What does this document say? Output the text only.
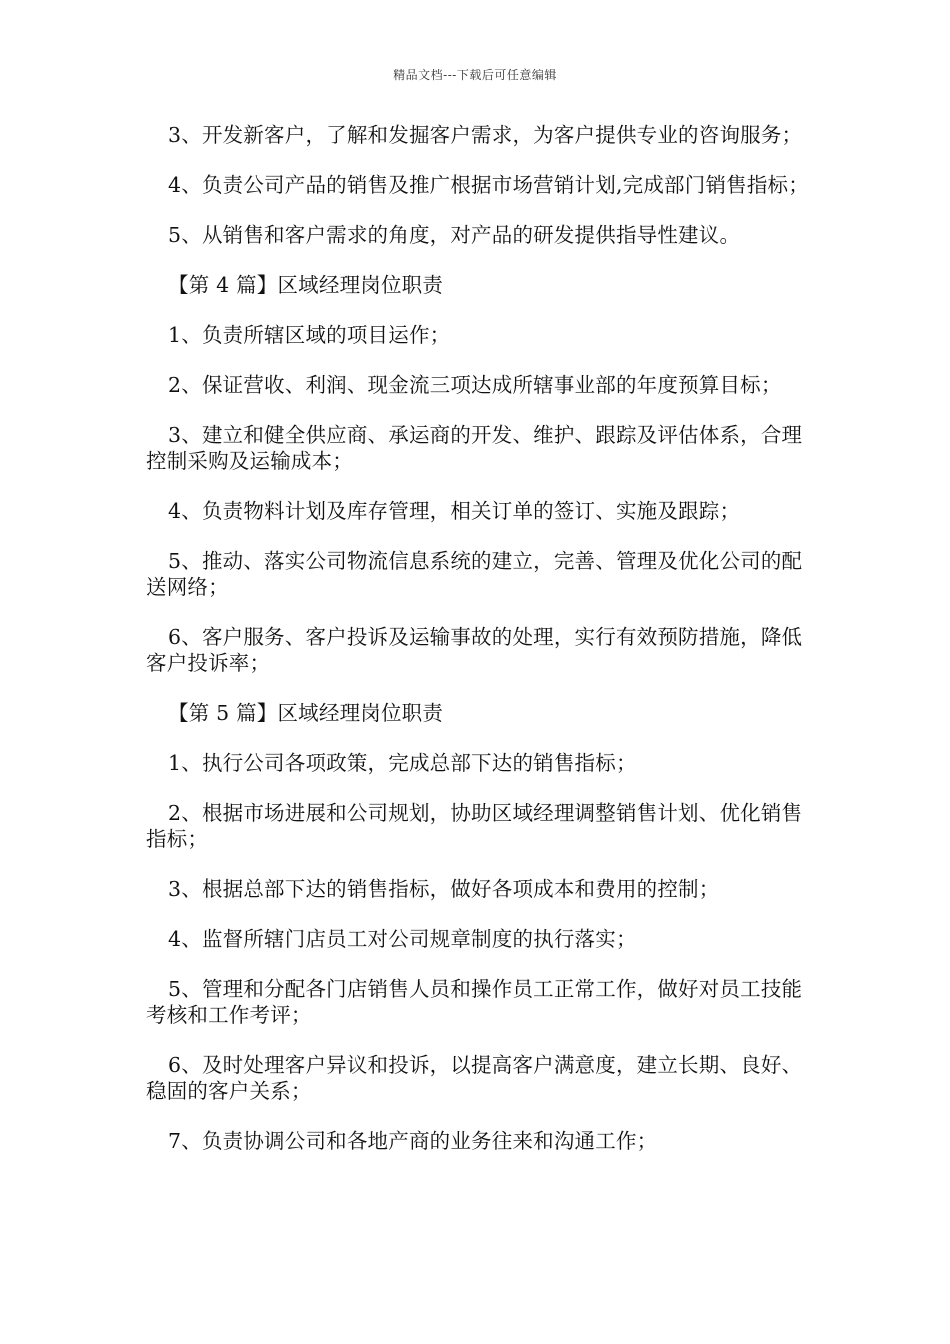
精品文档---下载后可任意编辑

3、开发新客户，了解和发掘客户需求，为客户提供专业的咨询服务；

4、负责公司产品的销售及推广根据市场营销计划,完成部门销售指标；

5、从销售和客户需求的角度，对产品的研发提供指导性建议。

【第 4 篇】区域经理岗位职责

1、负责所辖区域的项目运作；

2、保证营收、利润、现金流三项达成所辖事业部的年度预算目标；

3、建立和健全供应商、承运商的开发、维护、跟踪及评估体系，合理控制采购及运输成本；

4、负责物料计划及库存管理，相关订单的签订、实施及跟踪；

5、推动、落实公司物流信息系统的建立，完善、管理及优化公司的配送网络；

6、客户服务、客户投诉及运输事故的处理，实行有效预防措施，降低客户投诉率；

【第 5 篇】区域经理岗位职责

1、执行公司各项政策，完成总部下达的销售指标；

2、根据市场进展和公司规划，协助区域经理调整销售计划、优化销售指标；

3、根据总部下达的销售指标，做好各项成本和费用的控制；

4、监督所辖门店员工对公司规章制度的执行落实；

5、管理和分配各门店销售人员和操作员工正常工作，做好对员工技能考核和工作考评；

6、及时处理客户异议和投诉，以提高客户满意度，建立长期、良好、稳固的客户关系；

7、负责协调公司和各地产商的业务往来和沟通工作；
